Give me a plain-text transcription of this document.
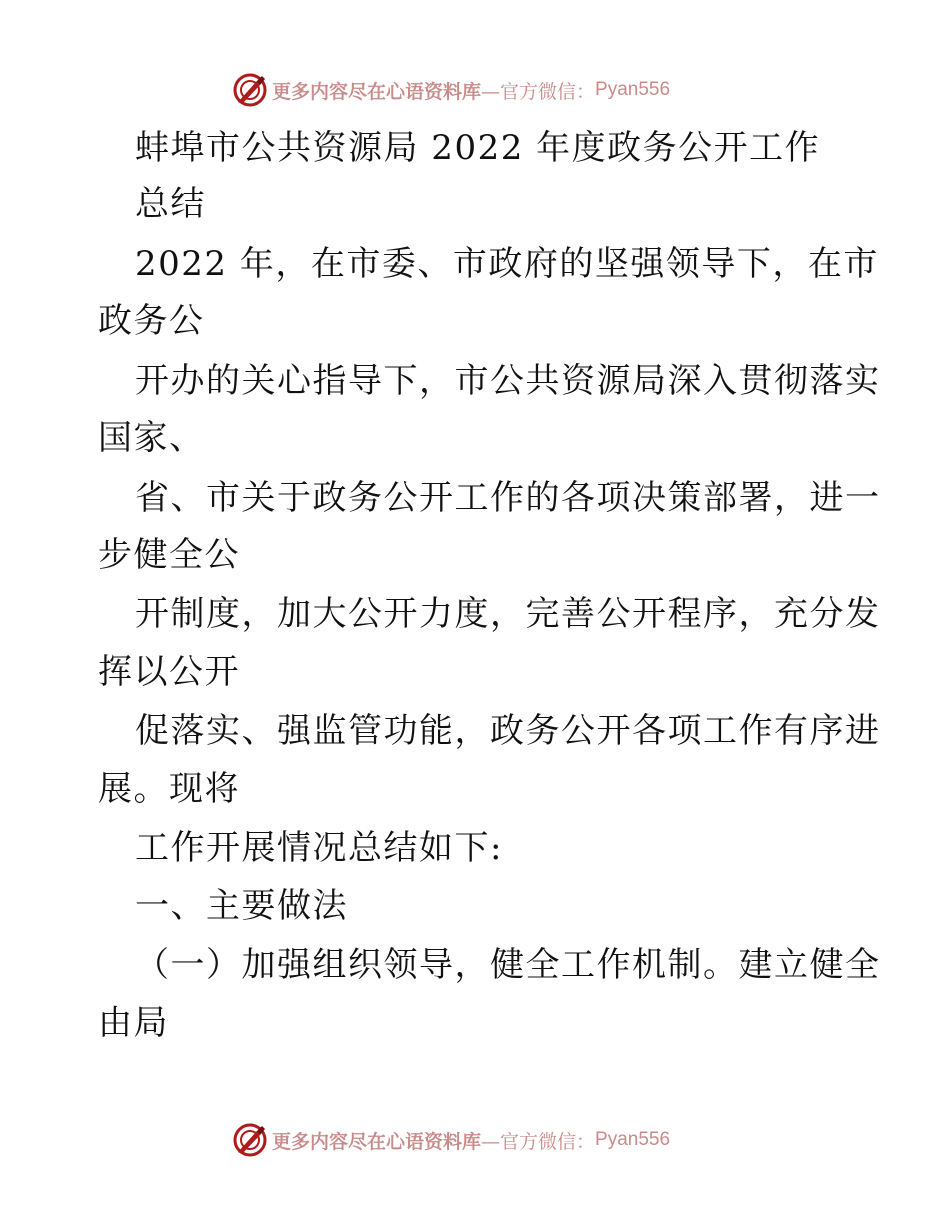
更多内容尽在心语资料库 —官方微信： Pyan556
蚌埠市公共资源局 2022 年度政务公开工作
总结
2022 年，在市委、市政府的坚强领导下，在市
政务公
开办的关心指导下，市公共资源局深入贯彻落实
国家、
省、市关于政务公开工作的各项决策部署，进一
步健全公
开制度，加大公开力度，完善公开程序，充分发
挥以公开
促落实、强监管功能，政务公开各项工作有序进
展。现将
工作开展情况总结如下:
一、主要做法
（一）加强组织领导，健全工作机制。建立健全
由局
更多内容尽在心语资料库 —官方微信： Pyan556
